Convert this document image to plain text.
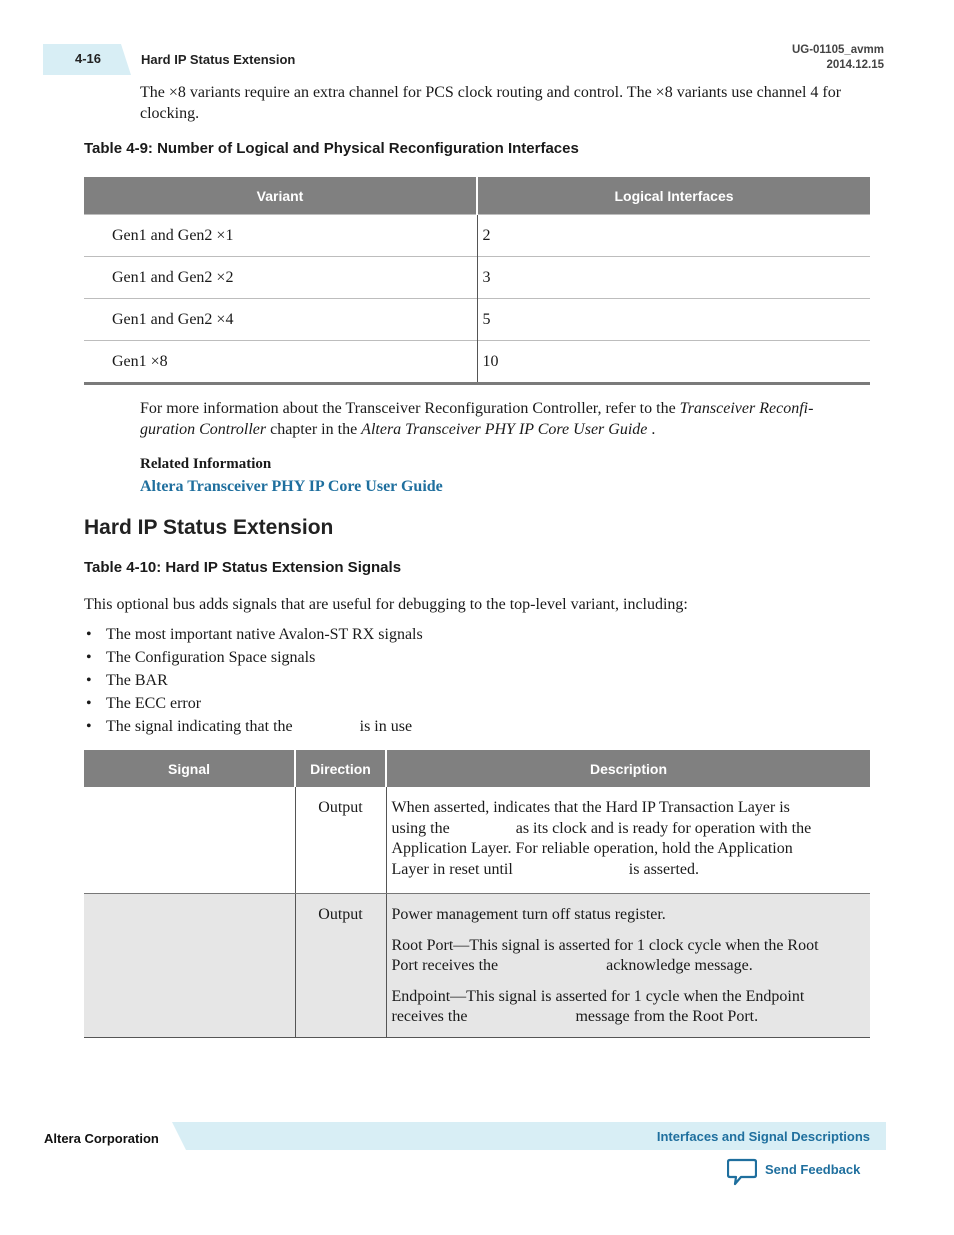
4-16	Hard IP Status Extension
UG-01105_avmm
2014.12.15

The ×8 variants require an extra channel for PCS clock routing and control. The ×8 variants use channel 4 for clocking.

Table 4-9: Number of Logical and Physical Reconfiguration Interfaces
Variant	Logical Interfaces
Gen1 and Gen2 ×1	2
Gen1 and Gen2 ×2	3
Gen1 and Gen2 ×4	5
Gen1 ×8	10

For more information about the Transceiver Reconfiguration Controller, refer to the Transceiver Reconfi-
guration Controller chapter in the Altera Transceiver PHY IP Core User Guide .

Related Information
Altera Transceiver PHY IP Core User Guide
Hard IP Status Extension
Table 4-10: Hard IP Status Extension Signals

This optional bus adds signals that are useful for debugging to the top-level variant, including:

• The most important native Avalon-ST RX signals
• The Configuration Space signals
• The BAR
• The ECC error
• The signal indicating that the	is in use
Signal	Direction	Description
	Output	When asserted, indicates that the Hard IP Transaction Layer is
using the as its clock and is ready for operation with the
Application Layer. For reliable operation, hold the Application
Layer in reset until is asserted.
	Output	Power management turn off status register.

Root Port—This signal is asserted for 1 clock cycle when the Root
Port receives the acknowledge message.

Endpoint—This signal is asserted for 1 cycle when the Endpoint
receives the message from the Root Port.

Altera Corporation	Interfaces and Signal Descriptions
Send Feedback
